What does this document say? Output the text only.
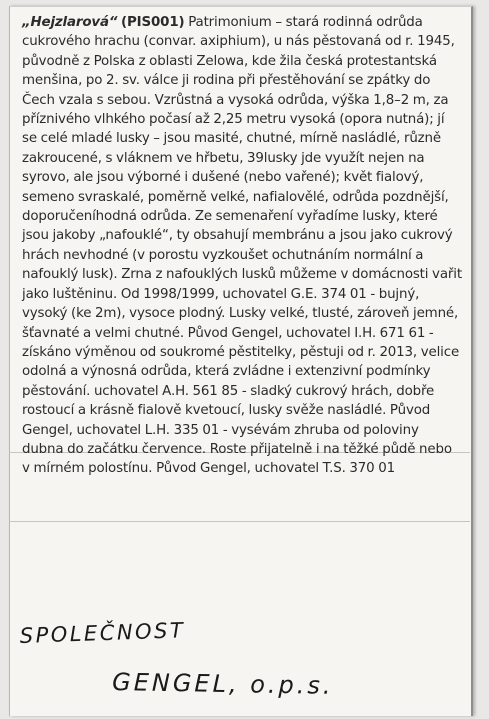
„Hejzlarová“ (PIS001) Patrimonium – stará rodinná odrůda cukrového hrachu (convar. axiphium), u nás pěstovaná od r. 1945, původně z Polska z oblasti Zelowa, kde žila česká protestantská menšina, po 2. sv. válce ji rodina při přestěhování se zpátky do Čech vzala s sebou. Vzrůstná a vysoká odrůda, výška 1,8–2 m, za příznivého vlhkého počasí až 2,25 metru vysoká (opora nutná); jí se celé mladé lusky – jsou masité, chutné, mírně nasládlé, různě zakroucené, s vláknem ve hřbetu, 39lusky jde využít nejen na syrovo, ale jsou výborné i dušené (nebo vařené); květ fialový, semeno svraskalé, poměrně velké, nafialovělé, odrůda pozdnější, doporučeníhodná odrůda. Ze semenaření vyřadíme lusky, které jsou jakoby „nafouklé“, ty obsahují membránu a jsou jako cukrový hrách nevhodné (v porostu vyzkoušet ochutnáním normální a nafouklý lusk). Zrna z nafouklých lusků můžeme v domácnosti vařit jako luštěninu. Od 1998/1999, uchovatel G.E. 374 01 - bujný, vysoký (ke 2m), vysoce plodný. Lusky velké, tlusté, zároveň jemné, šťavnaté a velmi chutné. Původ Gengel, uchovatel I.H. 671 61 - získáno výměnou od soukromé pěstitelky, pěstuji od r. 2013, velice odolná a výnosná odrůda, která zvládne i extenzivní podmínky pěstování. uchovatel A.H. 561 85 - sladký cukrový hrách, dobře rostoucí a krásně fialově kvetoucí, lusky svěže nasládlé. Původ Gengel, uchovatel L.H. 335 01 - vysévám zhruba od poloviny dubna do začátku července. Roste přijatelně i na těžké půdě nebo v mírném polostínu. Původ Gengel, uchovatel T.S. 370 01

SPOLEČNOST
GENGEL, o.p.s.
